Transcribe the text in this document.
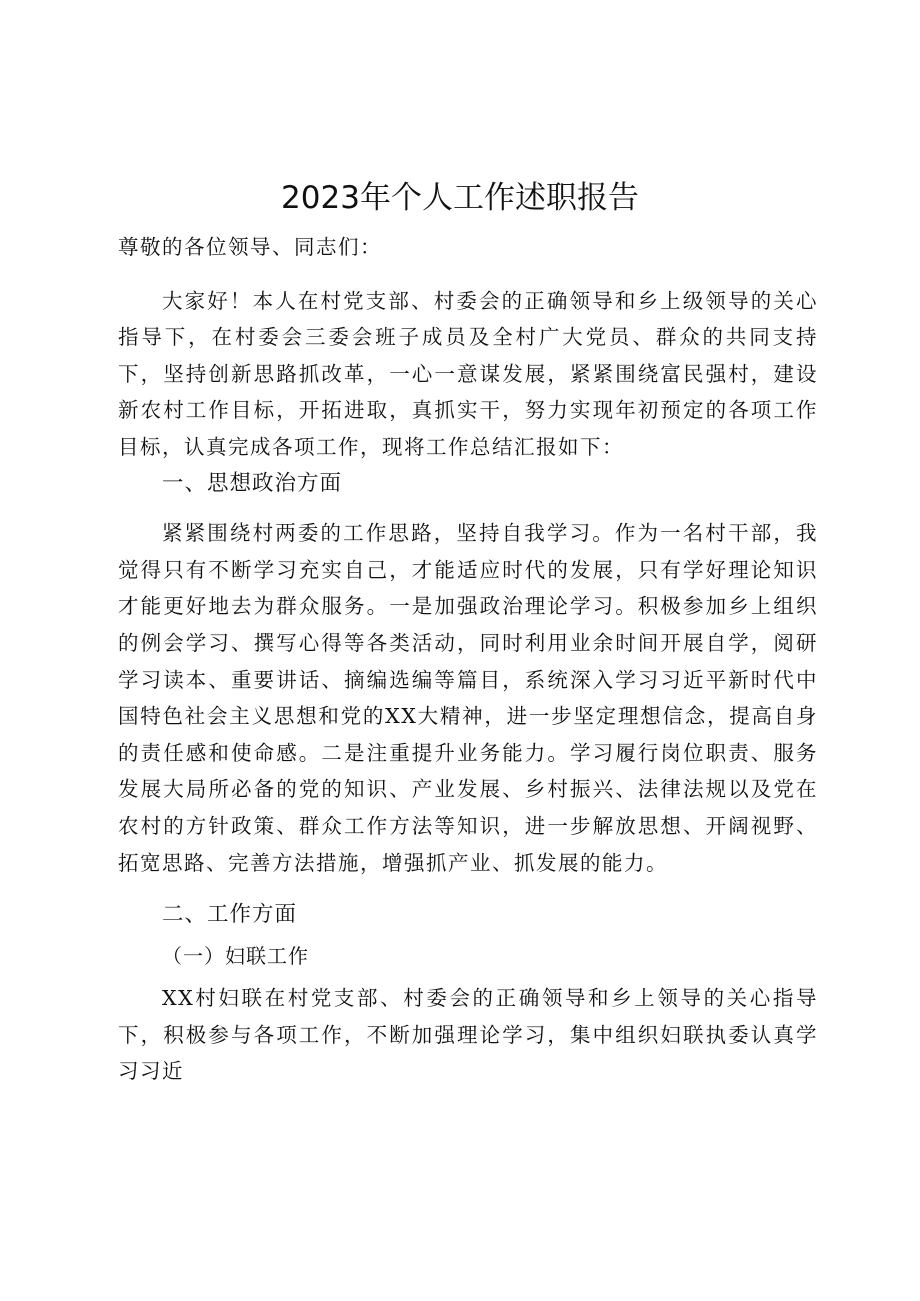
2023年个人工作述职报告

尊敬的各位领导、同志们：

大家好！本人在村党支部、村委会的正确领导和乡上级领导的关心指导下，在村委会三委会班子成员及全村广大党员、群众的共同支持下，坚持创新思路抓改革，一心一意谋发展，紧紧围绕富民强村，建设新农村工作目标，开拓进取，真抓实干，努力实现年初预定的各项工作目标，认真完成各项工作，现将工作总结汇报如下：

一、思想政治方面

紧紧围绕村两委的工作思路，坚持自我学习。作为一名村干部，我觉得只有不断学习充实自己，才能适应时代的发展，只有学好理论知识才能更好地去为群众服务。一是加强政治理论学习。积极参加乡上组织的例会学习、撰写心得等各类活动，同时利用业余时间开展自学，阅研学习读本、重要讲话、摘编选编等篇目，系统深入学习习近平新时代中国特色社会主义思想和党的XX大精神，进一步坚定理想信念，提高自身的责任感和使命感。二是注重提升业务能力。学习履行岗位职责、服务发展大局所必备的党的知识、产业发展、乡村振兴、法律法规以及党在农村的方针政策、群众工作方法等知识，进一步解放思想、开阔视野、拓宽思路、完善方法措施，增强抓产业、抓发展的能力。

二、工作方面

（一）妇联工作

XX村妇联在村党支部、村委会的正确领导和乡上领导的关心指导下，积极参与各项工作，不断加强理论学习，集中组织妇联执委认真学习习近
